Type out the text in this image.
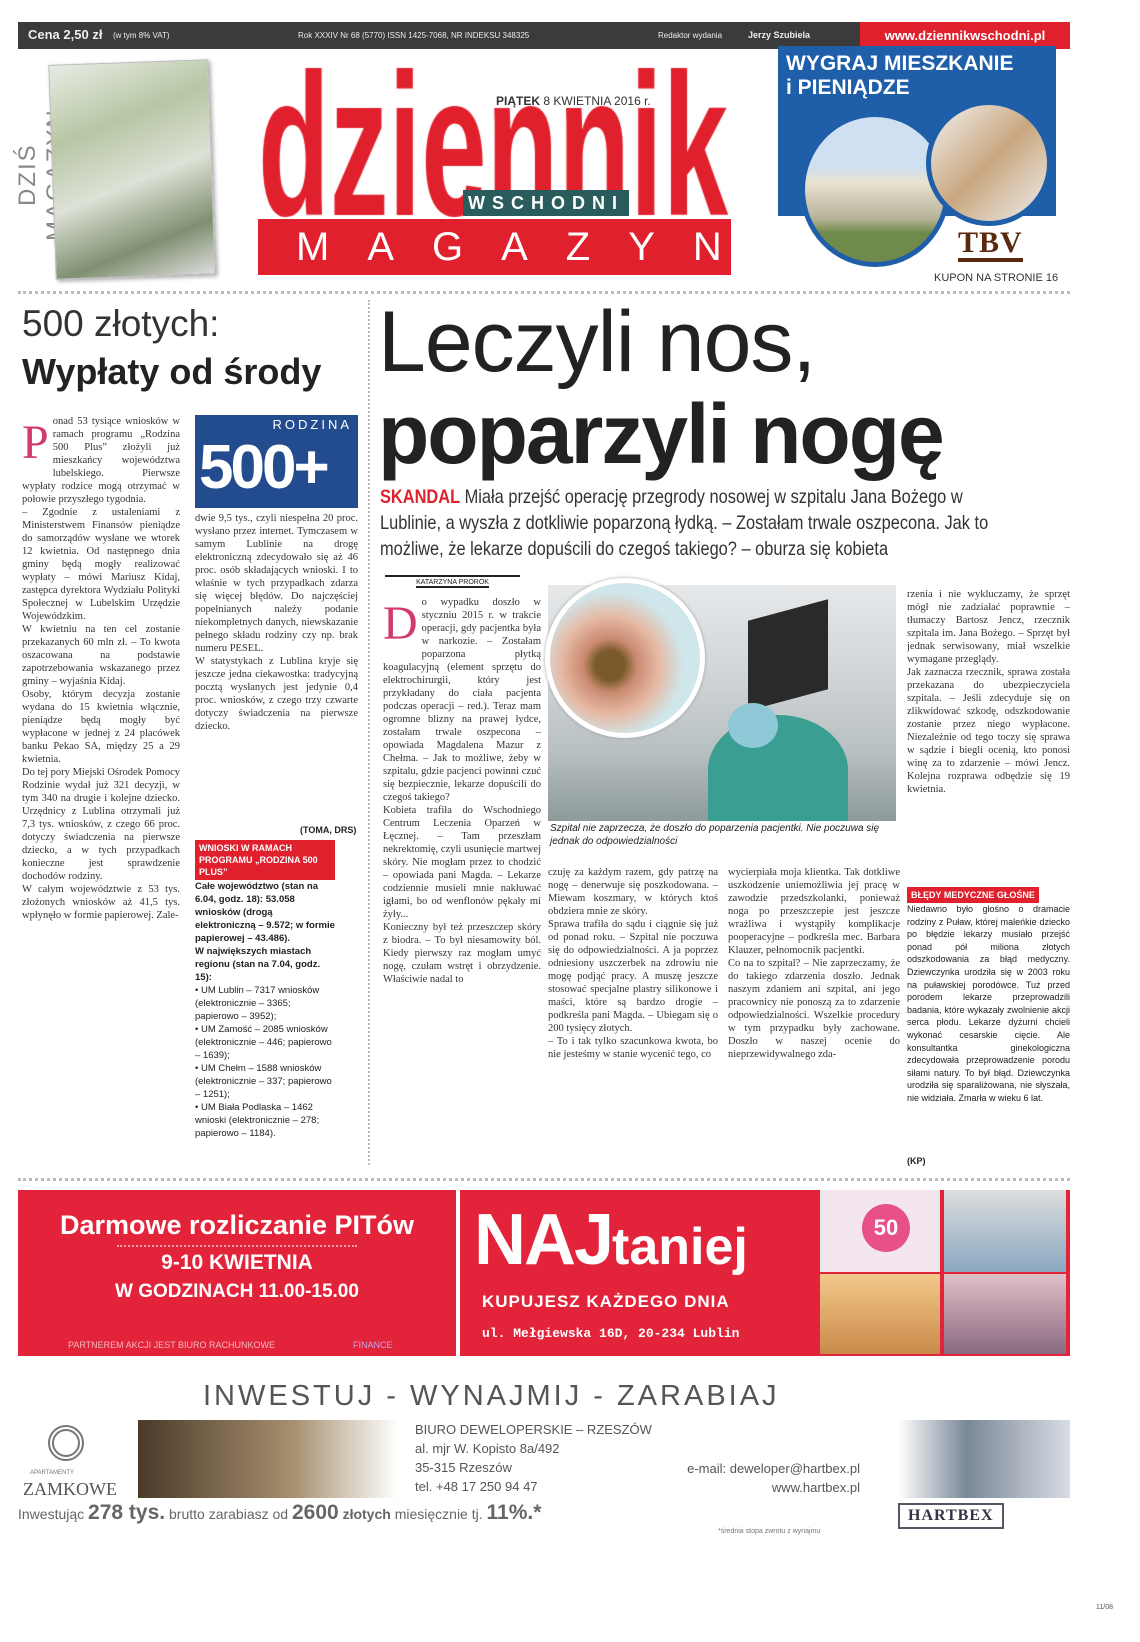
Cena 2,50 zł (w tym 8% VAT)	Rok XXXIV Nr 68 (5770) ISSN 1425-7068, NR INDEKSU 348325	Redaktor wydania	Jerzy Szubiela	www.dziennikwschodni.pl
DZIŚ
PIĄTEK 8 KWIETNIA 2016 r.
WSCHODNI
MAGAZYN
WYGRAJ MIESZKANIE
i PIENIĄDZE
TBV
KUPON NA STRONIE 16
500 złotych:
Wypłaty od środy
Ponad 53 tysiące wniosków w ramach programu „Rodzina 500 Plus” złożyli już mieszkańcy województwa lubelskiego. Pierwsze wypłaty rodzice mogą otrzymać w połowie przyszłego tygodnia.
– Zgodnie z ustaleniami z Ministerstwem Finansów pieniądze do samorządów wysłane we wtorek 12 kwietnia. Od następnego dnia gminy będą mogły realizować wypłaty – mówi Mariusz Kidaj, zastępca dyrektora Wydziału Polityki Społecznej w Lubelskim Urzędzie Wojewódzkim.
W kwietniu na ten cel zostanie przekazanych 60 mln zł. – To kwota oszacowana na podstawie zapotrzebowania wskazanego przez gminy – wyjaśnia Kidaj.
Osoby, którym decyzja zostanie wydana do 15 kwietnia włącznie, pieniądze będą mogły być wypłacone w jednej z 24 placówek banku Pekao SA, między 25 a 29 kwietnia.
Do tej pory Miejski Ośrodek Pomocy Rodzinie wydał już 321 decyzji, w tym 340 na drugie i kolejne dziecko. Urzędnicy z Lublina otrzymali już 7,3 tys. wniosków, z czego 66 proc. dotyczy świadczenia na pierwsze dziecko, a w tych przypadkach konieczne jest sprawdzenie dochodów rodziny.
W całym województwie z 53 tys. złożonych wniosków aż 41,5 tys. wpłynęło w formie papierowej. Zale-
RODZINA
500+
dwie 9,5 tys., czyli niespełna 20 proc. wysłano przez internet. Tymczasem w samym Lublinie na drogę elektroniczną zdecydowało się aż 46 proc. osób składających wnioski. I to właśnie w tych przypadkach zdarza się więcej błędów. Do najczęściej popełnianych należy podanie niekompletnych danych, niewskazanie pełnego składu rodziny czy np. brak numeru PESEL.
W statystykach z Lublina kryje się jeszcze jedna ciekawostka: tradycyjną pocztą wysłanych jest jedynie 0,4 proc. wniosków, z czego trzy czwarte dotyczy świadczenia na pierwsze dziecko.
(TOMA, DRS)
WNIOSKI W RAMACH PROGRAMU „RODZINA 500 PLUS”
Całe województwo (stan na 6.04, godz. 18): 53.058 wniosków (drogą elektroniczną – 9.572; w formie papierowej – 43.486).
W największych miastach regionu (stan na 7.04, godz. 15):
• UM Lublin – 7317 wniosków (elektronicznie – 3365; papierowo – 3952);
• UM Zamość – 2085 wniosków (elektronicznie – 446; papierowo – 1639);
• UM Chełm – 1588 wniosków (elektronicznie – 337; papierowo – 1251);
• UM Biała Podlaska – 1462 wnioski (elektronicznie – 278; papierowo – 1184).
Leczyli nos,
poparzyli nogę
SKANDAL Miała przejść operację przegrody nosowej w szpitalu Jana Bożego w Lublinie, a wyszła z dotkliwie poparzoną łydką. – Zostałam trwale oszpecona. Jak to możliwe, że lekarze dopuścili do czegoś takiego? – oburza się kobieta
KATARZYNA PROROK
Do wypadku doszło w styczniu 2015 r. w trakcie operacji, gdy pacjentka była w narkozie. – Zostałam poparzona płytką koagulacyjną (element sprzętu do elektrochirurgii, który jest przykładany do ciała pacjenta podczas operacji – red.). Teraz mam ogromne blizny na prawej łydce, zostałam trwale oszpecona – opowiada Magdalena Mazur z Chełma. – Jak to możliwe, żeby w szpitalu, gdzie pacjenci powinni czuć się bezpiecznie, lekarze dopuścili do czegoś takiego?
Kobieta trafiła do Wschodniego Centrum Leczenia Oparzeń w Łęcznej. – Tam przeszłam nekrektomię, czyli usunięcie martwej skóry. Nie mogłam przez to chodzić – opowiada pani Magda. – Lekarze codziennie musieli mnie nakłuwać igłami, bo od wenflonów pękały mi żyły...
Konieczny był też przeszczep skóry z biodra. – To był niesamowity ból. Kiedy pierwszy raz mogłam umyć nogę, czułam wstręt i obrzydzenie. Właściwie nadal to
Szpital nie zaprzecza, że doszło do poparzenia pacjentki. Nie poczuwa się jednak do odpowiedzialności
czuję za każdym razem, gdy patrzę na nogę – denerwuje się poszkodowana. – Miewam koszmary, w których ktoś obdziera mnie ze skóry.
Sprawa trafiła do sądu i ciągnie się już od ponad roku. – Szpital nie poczuwa się do odpowiedzialności. A ja poprzez odniesiony uszczerbek na zdrowiu nie mogę podjąć pracy. A muszę jeszcze stosować specjalne plastry silikonowe i maści, które są bardzo drogie – podkreśla pani Magda. – Ubiegam się o 200 tysięcy złotych.
– To i tak tylko szacunkowa kwota, bo nie jesteśmy w stanie wycenić tego, co
wycierpiała moja klientka. Tak dotkliwe uszkodzenie uniemożliwia jej pracę w zawodzie przedszkolanki, ponieważ noga po przeszczepie jest jeszcze wrażliwa i wystąpiły komplikacje pooperacyjne – podkreśla mec. Barbara Klauzer, pełnomocnik pacjentki.
Co na to szpital? – Nie zaprzeczamy, że do takiego zdarzenia doszło. Jednak naszym zdaniem ani szpital, ani jego pracownicy nie ponoszą za to zdarzenie odpowiedzialności. Wszelkie procedury w tym przypadku były zachowane. Doszło w naszej ocenie do nieprzewidywalnego zda-
rzenia i nie wykluczamy, że sprzęt mógł nie zadziałać poprawnie – tłumaczy Bartosz Jencz, rzecznik szpitala im. Jana Bożego. – Sprzęt był jednak serwisowany, miał wszelkie wymagane przeglądy.
Jak zaznacza rzecznik, sprawa została przekazana do ubezpieczyciela szpitala. – Jeśli zdecyduje się on zlikwidować szkodę, odszkodowanie zostanie przez niego wypłacone. Niezależnie od tego toczy się sprawa w sądzie i biegli ocenią, kto ponosi winę za to zdarzenie – mówi Jencz. Kolejna rozprawa odbędzie się 19 kwietnia.
BŁĘDY MEDYCZNE GŁOŚNE
Niedawno było głośno o dramacie rodziny z Puław, której maleńkie dziecko po błędzie lekarzy musiało przejść ponad pół miliona złotych odszkodowania za błąd medyczny. Dziewczynka urodziła się w 2003 roku na puławskiej porodówce. Tuż przed porodem lekarze przeprowadzili badania, które wykazały zwolnienie akcji serca płodu. Lekarze dyżurni chcieli wykonać cesarskie cięcie. Ale konsultantka ginekologiczna zdecydowała przeprowadzenie porodu siłami natury. To był błąd. Dziewczynka urodziła się sparaliżowana, nie słyszała, nie widziała. Zmarła w wieku 6 lat.
(KP)
Darmowe rozliczanie PITów
9-10 KWIETNIA
W GODZINACH 11.00-15.00
PARTNEREM AKCJI JEST BIURO RACHUNKOWE	FINANCE
NAJtaniej
KUPUJESZ KAŻDEGO DNIA
ul. Mełgiewska 16D, 20-234 Lublin
50
INWESTUJ - WYNAJMIJ - ZARABIAJ
APARTAMENTY
ZAMKOWE
BIURO DEWELOPERSKIE – RZESZÓW
al. mjr W. Kopisto 8a/492
35-315 Rzeszów
tel. +48 17 250 94 47
e-mail: deweloper@hartbex.pl
www.hartbex.pl
Inwestując 278 tys. brutto zarabiasz od 2600 złotych miesięcznie tj. 11%.*
*średnia stopa zwrotu z wynajmu
HARTBEX
11/08
